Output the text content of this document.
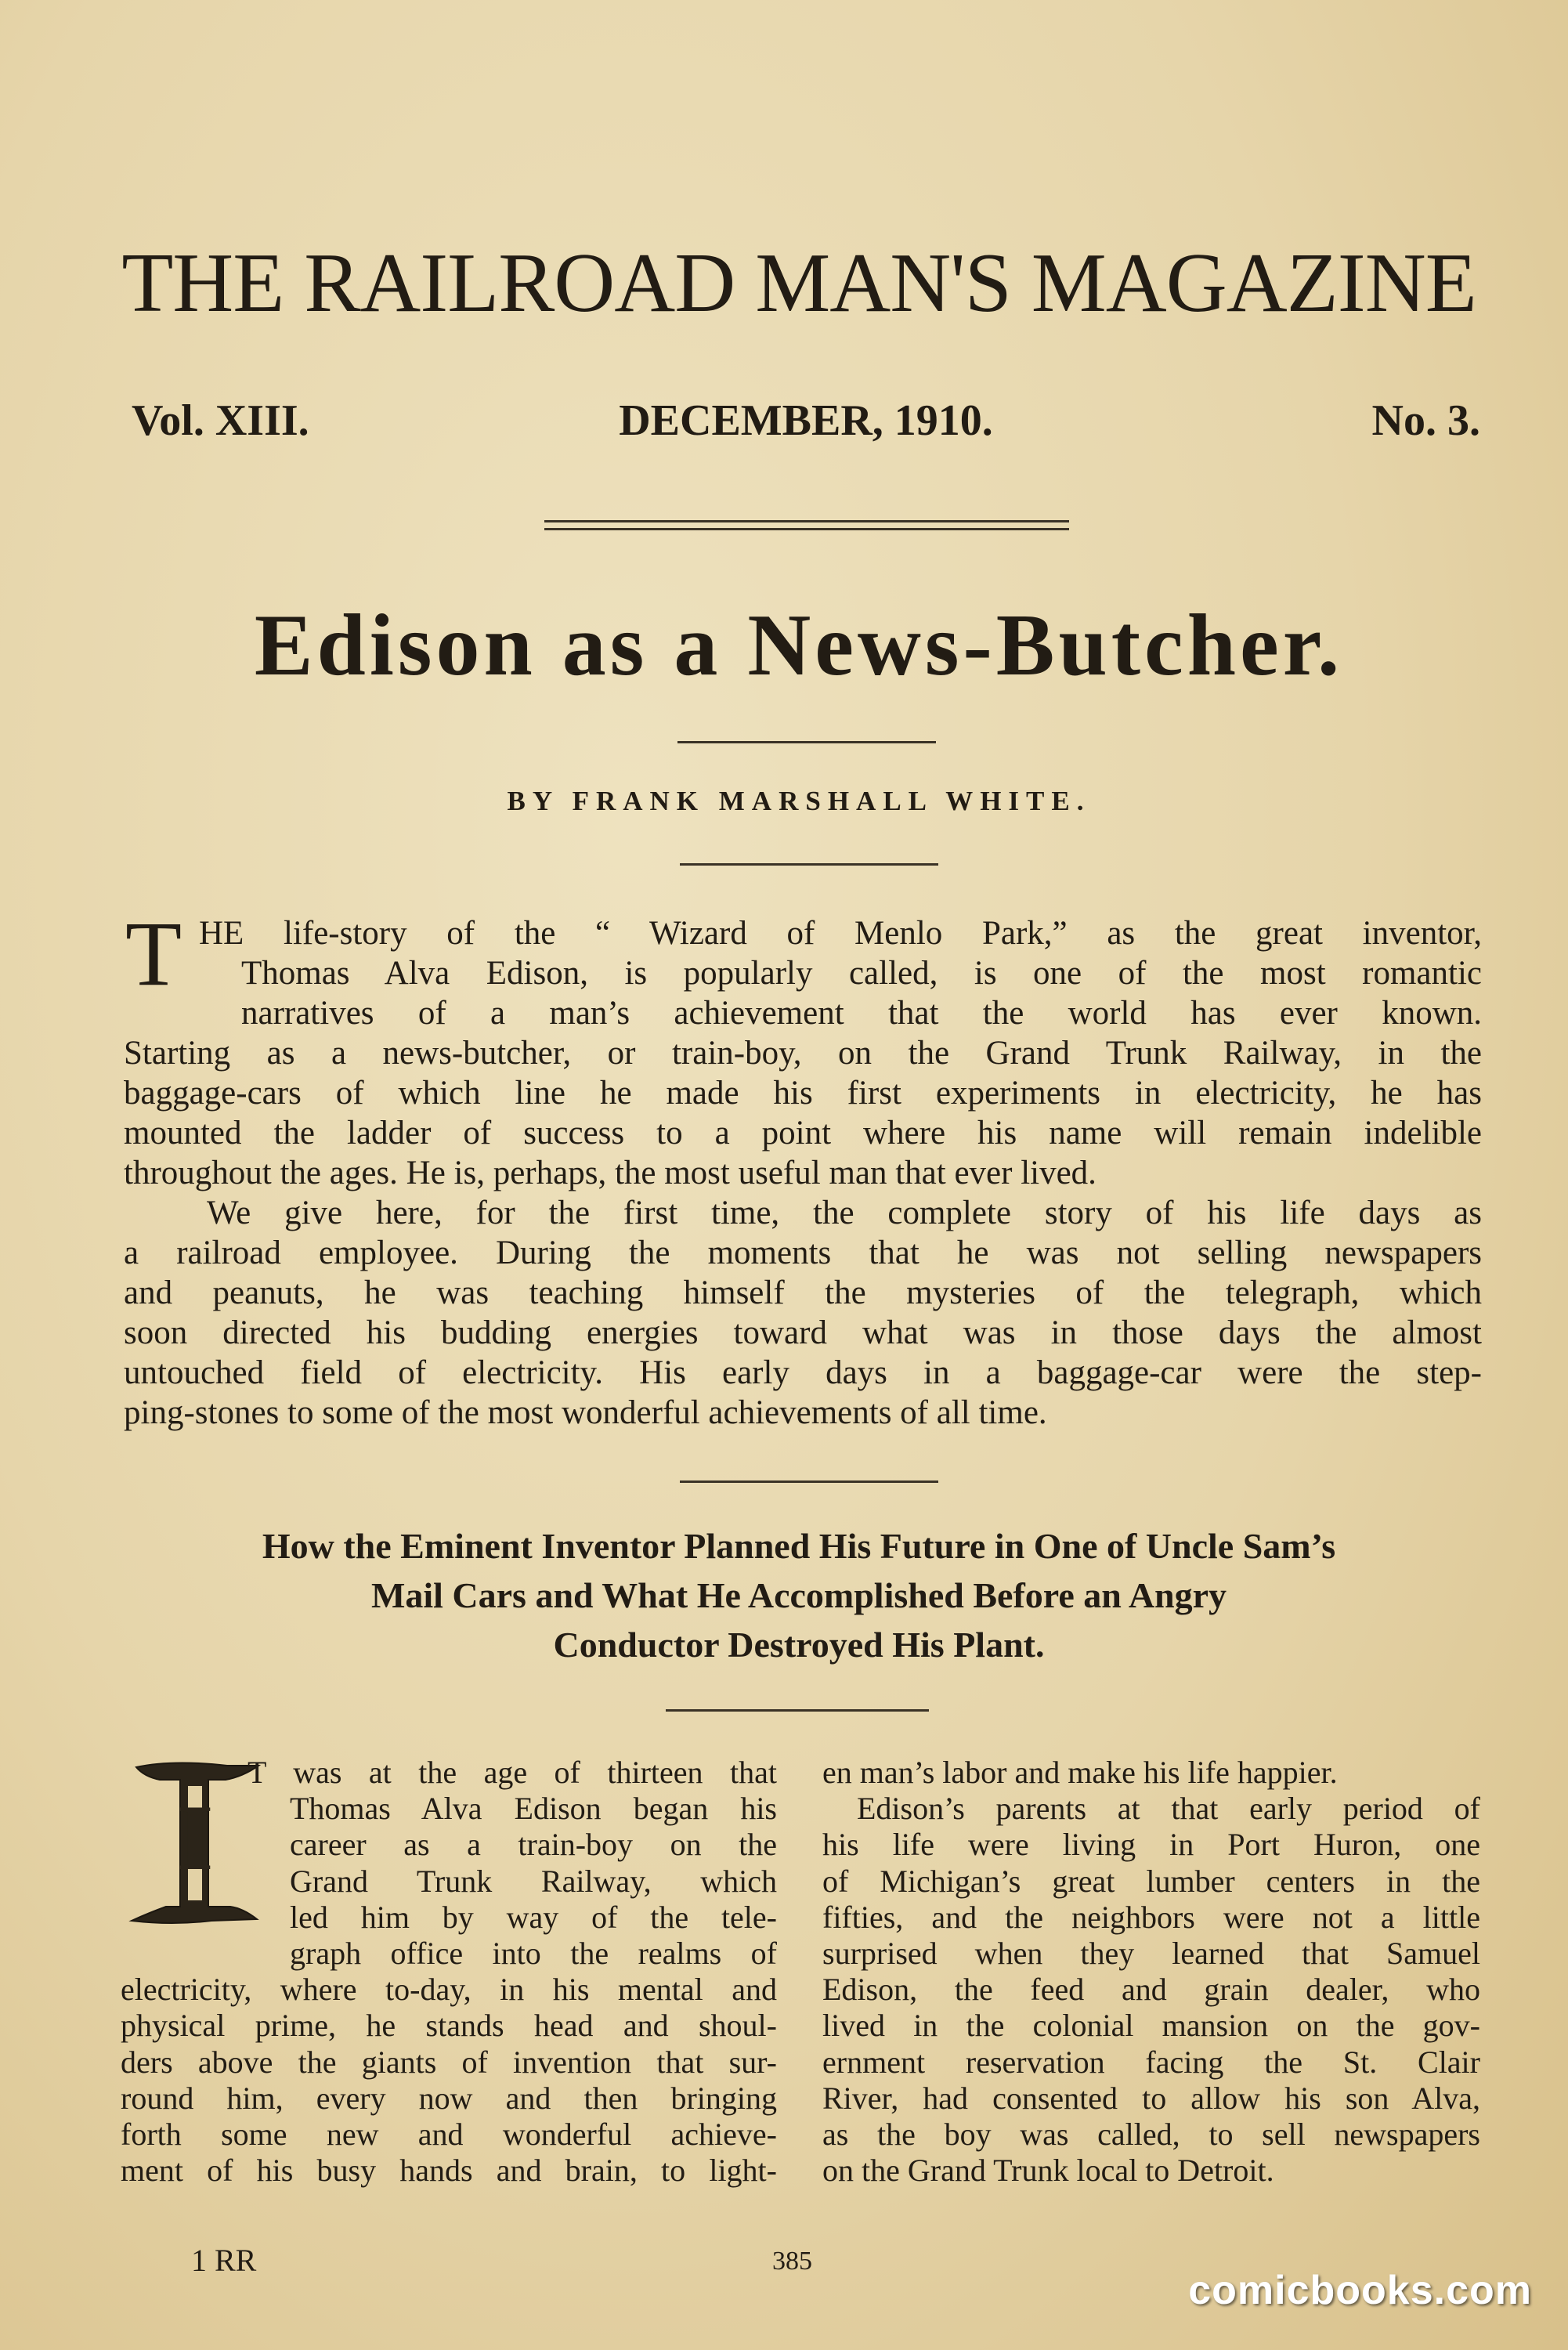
THE RAILROAD MAN'S MAGAZINE
Vol. XIII.	DECEMBER, 1910.	No. 3.
Edison as a News-Butcher.
BY FRANK MARSHALL WHITE.
T HE life-story of the “ Wizard of Menlo Park,” as the great inventor,
Thomas Alva Edison, is popularly called, is one of the most romantic
narratives of a man’s achievement that the world has ever known.
Starting as a news-butcher, or train-boy, on the Grand Trunk Railway, in the
baggage-cars of which line he made his first experiments in electricity, he has
mounted the ladder of success to a point where his name will remain indelible
throughout the ages. He is, perhaps, the most useful man that ever lived.
We give here, for the first time, the complete story of his life days as
a railroad employee. During the moments that he was not selling newspapers
and peanuts, he was teaching himself the mysteries of the telegraph, which
soon directed his budding energies toward what was in those days the almost
untouched field of electricity. His early days in a baggage-car were the step-
ping-stones to some of the most wonderful achievements of all time.
How the Eminent Inventor Planned His Future in One of Uncle Sam’s
Mail Cars and What He Accomplished Before an Angry
Conductor Destroyed His Plant.
I
T was at the age of thirteen that
Thomas Alva Edison began his
career as a train-boy on the
Grand Trunk Railway, which
led him by way of the tele-
graph office into the realms of
electricity, where to-day, in his mental and
physical prime, he stands head and shoul-
ders above the giants of invention that sur-
round him, every now and then bringing
forth some new and wonderful achieve-
ment of his busy hands and brain, to light-
en man’s labor and make his life happier.
Edison’s parents at that early period of
his life were living in Port Huron, one
of Michigan’s great lumber centers in the
fifties, and the neighbors were not a little
surprised when they learned that Samuel
Edison, the feed and grain dealer, who
lived in the colonial mansion on the gov-
ernment reservation facing the St. Clair
River, had consented to allow his son Alva,
as the boy was called, to sell newspapers
on the Grand Trunk local to Detroit.
1 RR	385
comicbooks.com
